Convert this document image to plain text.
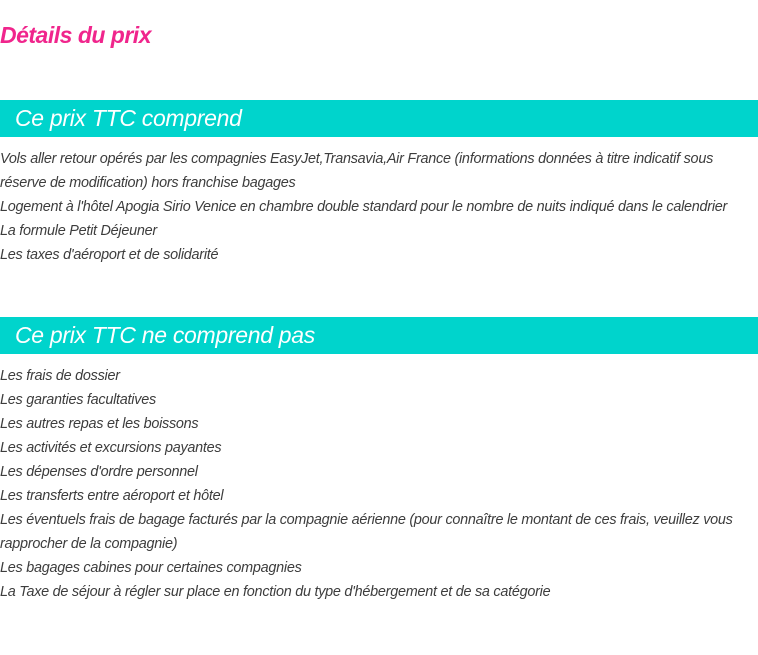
Détails du prix
Ce prix TTC comprend
Vols aller retour opérés par les compagnies EasyJet,Transavia,Air France (informations données à titre indicatif sous réserve de modification) hors franchise bagages
Logement à l'hôtel Apogia Sirio Venice en chambre double standard pour le nombre de nuits indiqué dans le calendrier
La formule Petit Déjeuner
Les taxes d'aéroport et de solidarité
Ce prix TTC ne comprend pas
Les frais de dossier
Les garanties facultatives
Les autres repas et les boissons
Les activités et excursions payantes
Les dépenses d'ordre personnel
Les transferts entre aéroport et hôtel
Les éventuels frais de bagage facturés par la compagnie aérienne (pour connaître le montant de ces frais, veuillez vous rapprocher de la compagnie)
Les bagages cabines pour certaines compagnies
La Taxe de séjour à régler sur place en fonction du type d'hébergement et de sa catégorie
